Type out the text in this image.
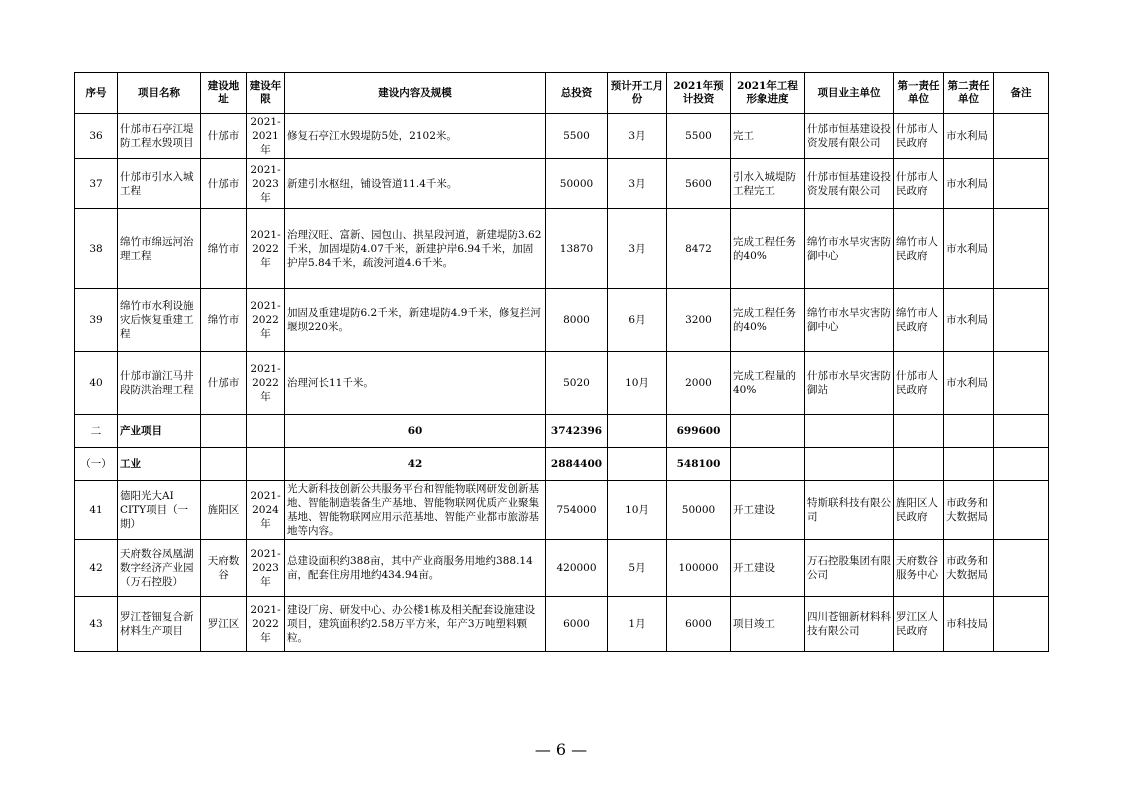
序号	项目名称	建设地址	建设年限	建设内容及规模	总投资	预计开工月份	2021年预计投资	2021年工程形象进度	项目业主单位	第一责任单位	第二责任单位	备注
36	什邡市石亭江堤防工程水毁项目	什邡市	2021-2021年	修复石亭江水毁堤防5处，2102米。	5500	3月	5500	完工	什邡市恒基建设投资发展有限公司	什邡市人民政府	市水利局	
37	什邡市引水入城工程	什邡市	2021-2023年	新建引水枢纽，铺设管道11.4千米。	50000	3月	5600	引水入城堤防工程完工	什邡市恒基建设投资发展有限公司	什邡市人民政府	市水利局	
38	绵竹市绵远河治理工程	绵竹市	2021-2022年	治理汉旺、富新、园包山、拱星段河道，新建堤防3.62千米，加固堤防4.07千米，新建护岸6.94千米，加固护岸5.84千米，疏浚河道4.6千米。	13870	3月	8472	完成工程任务的40%	绵竹市水旱灾害防御中心	绵竹市人民政府	市水利局	
39	绵竹市水利设施灾后恢复重建工程	绵竹市	2021-2022年	加固及重建堤防6.2千米，新建堤防4.9千米，修复拦河堰坝220米。	8000	6月	3200	完成工程任务的40%	绵竹市水旱灾害防御中心	绵竹市人民政府	市水利局	
40	什邡市湔江马井段防洪治理工程	什邡市	2021-2022年	治理河长11千米。	5020	10月	2000	完成工程量的40%	什邡市水旱灾害防御站	什邡市人民政府	市水利局	
二	产业项目			60	3742396		699600					
（一）	工业			42	2884400		548100					
41	德阳光大AI CITY项目（一期）	旌阳区	2021-2024年	光大新科技创新公共服务平台和智能物联网研发创新基地、智能制造装备生产基地、智能物联网优质产业聚集基地、智能物联网应用示范基地、智能产业都市旅游基地等内容。	754000	10月	50000	开工建设	特斯联科技有限公司	旌阳区人民政府	市政务和大数据局	
42	天府数谷凤凰湖数字经济产业园（万石控股）	天府数谷	2021-2023年	总建设面积约388亩，其中产业商服务用地约388.14亩，配套住房用地约434.94亩。	420000	5月	100000	开工建设	万石控股集团有限公司	天府数谷服务中心	市政务和大数据局	
43	罗江苍钿复合新材料生产项目	罗江区	2021-2022年	建设厂房、研发中心、办公楼1栋及相关配套设施建设项目，建筑面积约2.58万平方米，年产3万吨塑料颗粒。	6000	1月	6000	项目竣工	四川苍钿新材料科技有限公司	罗江区人民政府	市科技局	
— 6 —
